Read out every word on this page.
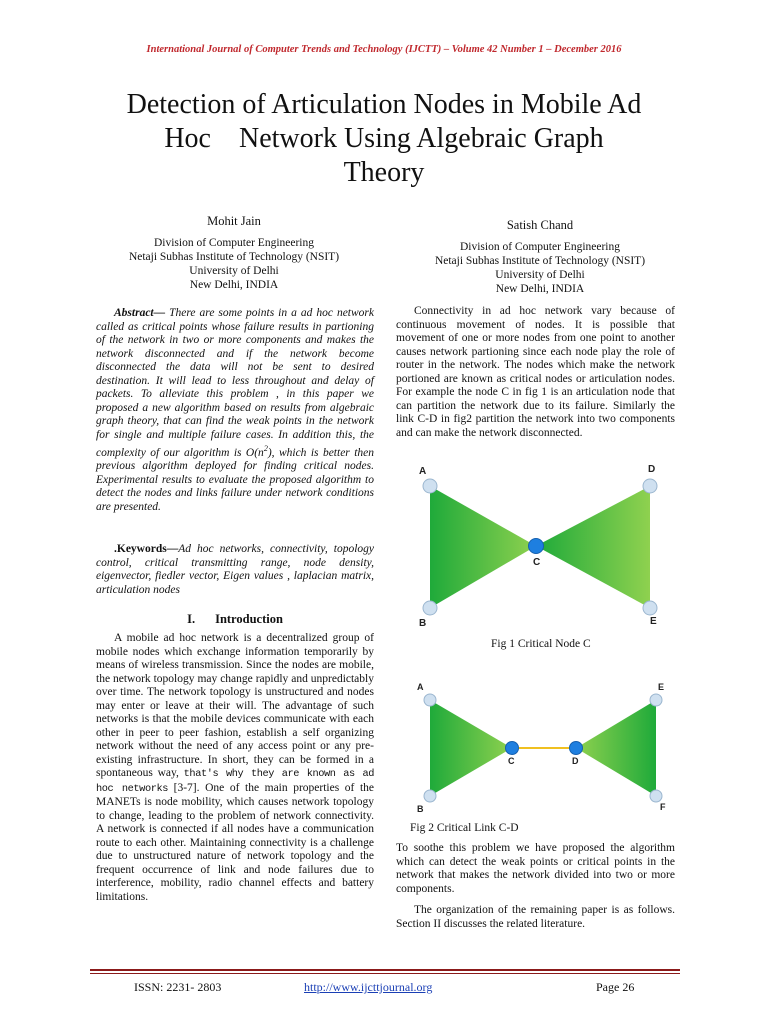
International Journal of Computer Trends and Technology (IJCTT) – Volume 42 Number 1 – December 2016
Detection of Articulation Nodes in Mobile Ad
Hoc    Network Using Algebraic Graph
Theory
Mohit Jain
Division of Computer Engineering
Netaji Subhas Institute of Technology (NSIT)
University of Delhi
New Delhi, INDIA
Satish Chand
Division of Computer Engineering
Netaji Subhas Institute of Technology (NSIT)
University of Delhi
New Delhi, INDIA

Abstract— There are some points in a ad hoc network called as critical points whose failure results in partioning of the network in two or more components and makes the network disconnected and if the network become disconnected the data will not be sent to desired destination. It will lead to less throughout and delay of packets. To alleviate this problem , in this paper we proposed a new algorithm based on results from algebraic graph theory, that can find the weak points in the network for single and multiple failure cases. In addition this, the complexity of our algorithm is $O(n^2)$, which is better then previous algorithm deployed for finding critical nodes. Experimental results to evaluate the proposed algorithm to detect the nodes and links failure under network conditions are presented.

.Keywords—Ad hoc networks, connectivity, topology control, critical transmitting range, node density, eigenvector, fiedler vector, Eigen values , laplacian matrix, articulation nodes

I. Introduction

A mobile ad hoc network is a decentralized group of mobile nodes which exchange information temporarily by means of wireless transmission. Since the nodes are mobile, the network topology may change rapidly and unpredictably over time. The network topology is unstructured and nodes may enter or leave at their will. The advantage of such networks is that the mobile devices communicate with each other in peer to peer fashion, establish a self organizing network without the need of any access point or any pre-existing infrastructure. In short, they can be formed in a spontaneous way, that's why they are known as ad hoc networks [3-7]. One of the main properties of the MANETs is node mobility, which causes network topology to change, leading to the problem of network connectivity. A network is connected if all nodes have a communication route to each other. Maintaining connectivity is a challenge due to unstructured nature of network topology and the frequent occurrence of link and node failures due to interference, mobility, radio channel effects and battery limitations.

Connectivity in ad hoc network vary because of continuous movement of nodes. It is possible that movement of one or more nodes from one point to another causes network partioning since each node play the role of router in the network. The nodes which make the network portioned are known as critical nodes or articulation nodes. For example the node C in fig 1 is an articulation node that can partition the network due to its failure. Similarly the link C-D in fig2 partition the network into two components and can make the network disconnected.

A
B
C
D
E
Fig 1 Critical Node C
A
B
C	D
E
F
Fig 2 Critical Link C-D

To soothe this problem we have proposed the algorithm which can detect the weak points or critical points in the network that makes the network divided into two or more components.

The organization of the remaining paper is as follows. Section II discusses the related literature.

ISSN: 2231- 2803	http://www.ijcttjournal.org	Page 26
